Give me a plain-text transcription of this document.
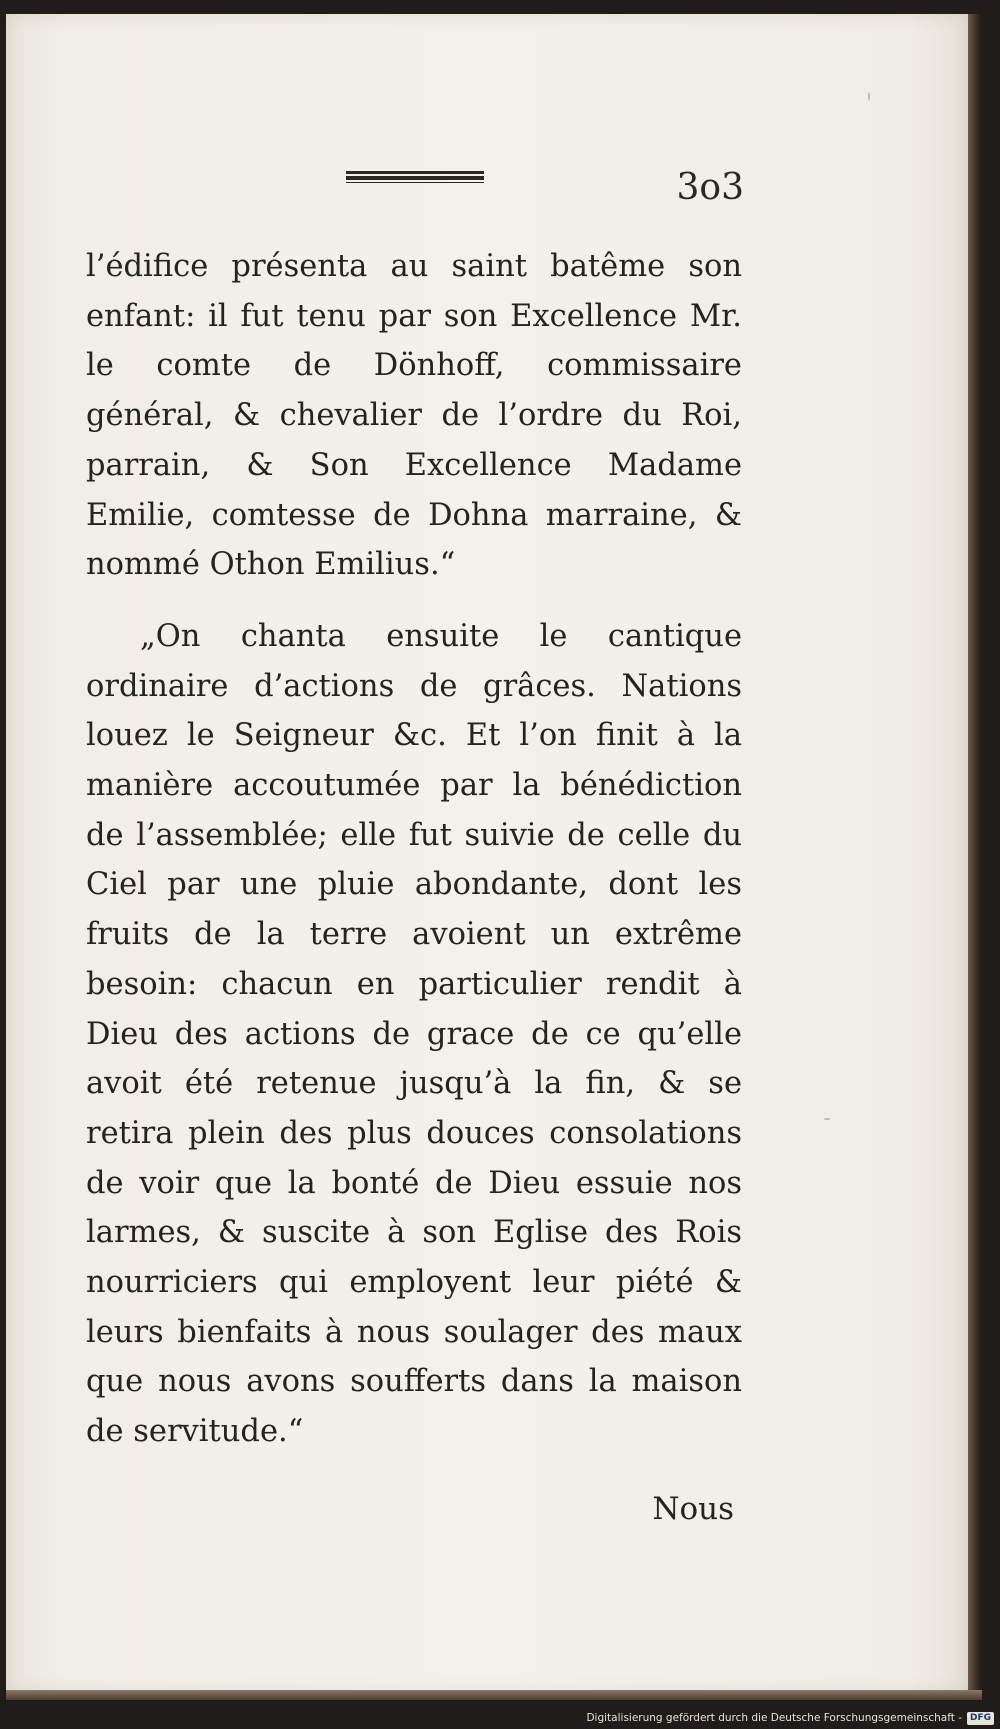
3o3

l’édifice présenta au saint batême son enfant: il fut tenu par son Excellence Mr. le comte de Dönhoff, commissaire général, & chevalier de l’ordre du Roi, parrain, & Son Excellence Madame Emilie, comtesse de Dohna marraine, & nommé Othon Emilius.“

„On chanta ensuite le cantique ordinaire d’actions de grâces. Nations louez le Seigneur &c. Et l’on finit à la manière accoutumée par la bénédiction de l’assemblée; elle fut suivie de celle du Ciel par une pluie abondante, dont les fruits de la terre avoient un extrême besoin: chacun en particulier rendit à Dieu des actions de grace de ce qu’elle avoit été retenue jusqu’à la fin, & se retira plein des plus douces consolations de voir que la bonté de Dieu essuie nos larmes, & suscite à son Eglise des Rois nourriciers qui employent leur piété & leurs bienfaits à nous soulager des maux que nous avons soufferts dans la maison de servitude.“

Nous
Digitalisierung gefördert durch die Deutsche Forschungsgemeinschaft - DFG
